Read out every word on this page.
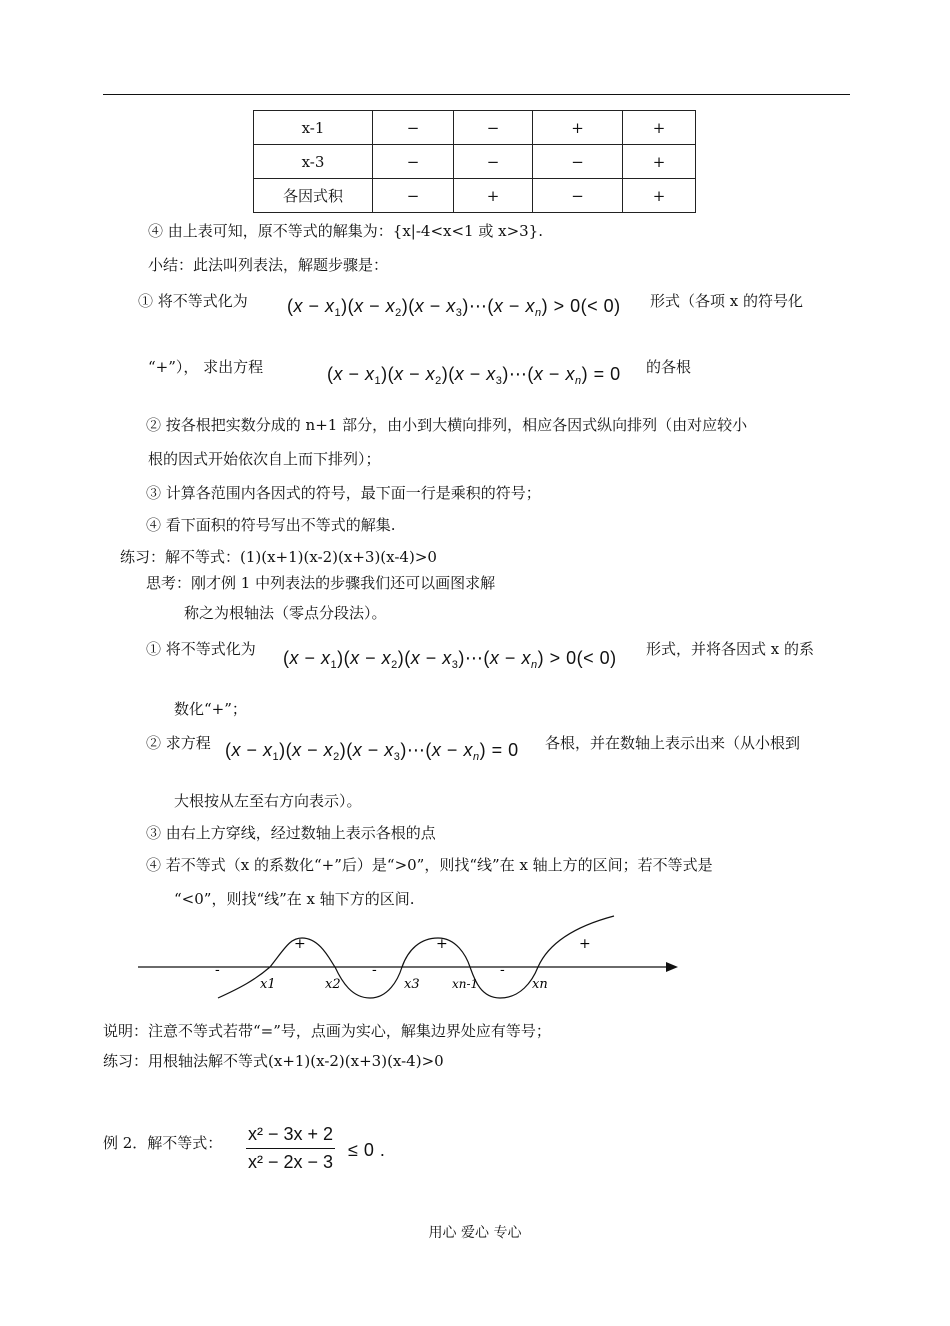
x-1	−	−	+	+
x-3	−	−	−	+
各因式积	−	+	−	+
④ 由上表可知，原不等式的解集为：{x|-4<x<1 或 x>3}.
小结：此法叫列表法，解题步骤是：
① 将不等式化为 $(x - x_1)(x - x_2)(x$ − $x_3)\cdots(x - x_n) > 0(< 0)$ 形式（各项 x 的符号化
“+”）， 求出方程	$(x - x_1)(x - x_2)(x$ − $x_3)\cdots(x - x_n) = 0$ 的各根
② 按各根把实数分成的 n+1 部分，由小到大横向排列，相应各因式纵向排列（由对应较小
根的因式开始依次自上而下排列）；
③ 计算各范围内各因式的符号，最下面一行是乘积的符号；
④ 看下面积的符号写出不等式的解集.
练习：解不等式：(1)(x+1)(x-2)(x+3)(x-4)>0
思考：刚才例 1 中列表法的步骤我们还可以画图求解
称之为根轴法（零点分段法）。
① 将不等式化为 $(x - x_1)(x - x_2)(x$ − $x_3)\cdots(x - x_n) > 0(< 0)$ 形式，并将各因式 x 的系
数化“+”；
② 求方程 $(x - x_1)(x - x_2)(x$ − $x_3)\cdots(x - x_n) = 0$ 各根，并在数轴上表示出来（从小根到
大根按从左至右方向表示）。
③ 由右上方穿线，经过数轴上表示各根的点
④ 若不等式（x 的系数化“+”后）是“>0”，则找“线”在 x 轴上方的区间；若不等式是
“<0”，则找“线”在 x 轴下方的区间.
-	-	-
+	+	+
x1	x2	x3	xn-1	xn
说明：注意不等式若带“=”号，点画为实心，解集边界处应有等号；
练习：用根轴法解不等式(x+1)(x-2)(x+3)(x-4)>0
例 2．解不等式： $\frac{\text{x² − 3x + 2}}{\text{x² − 2x − 3}} \le 0$ .
用心 爱心 专心
